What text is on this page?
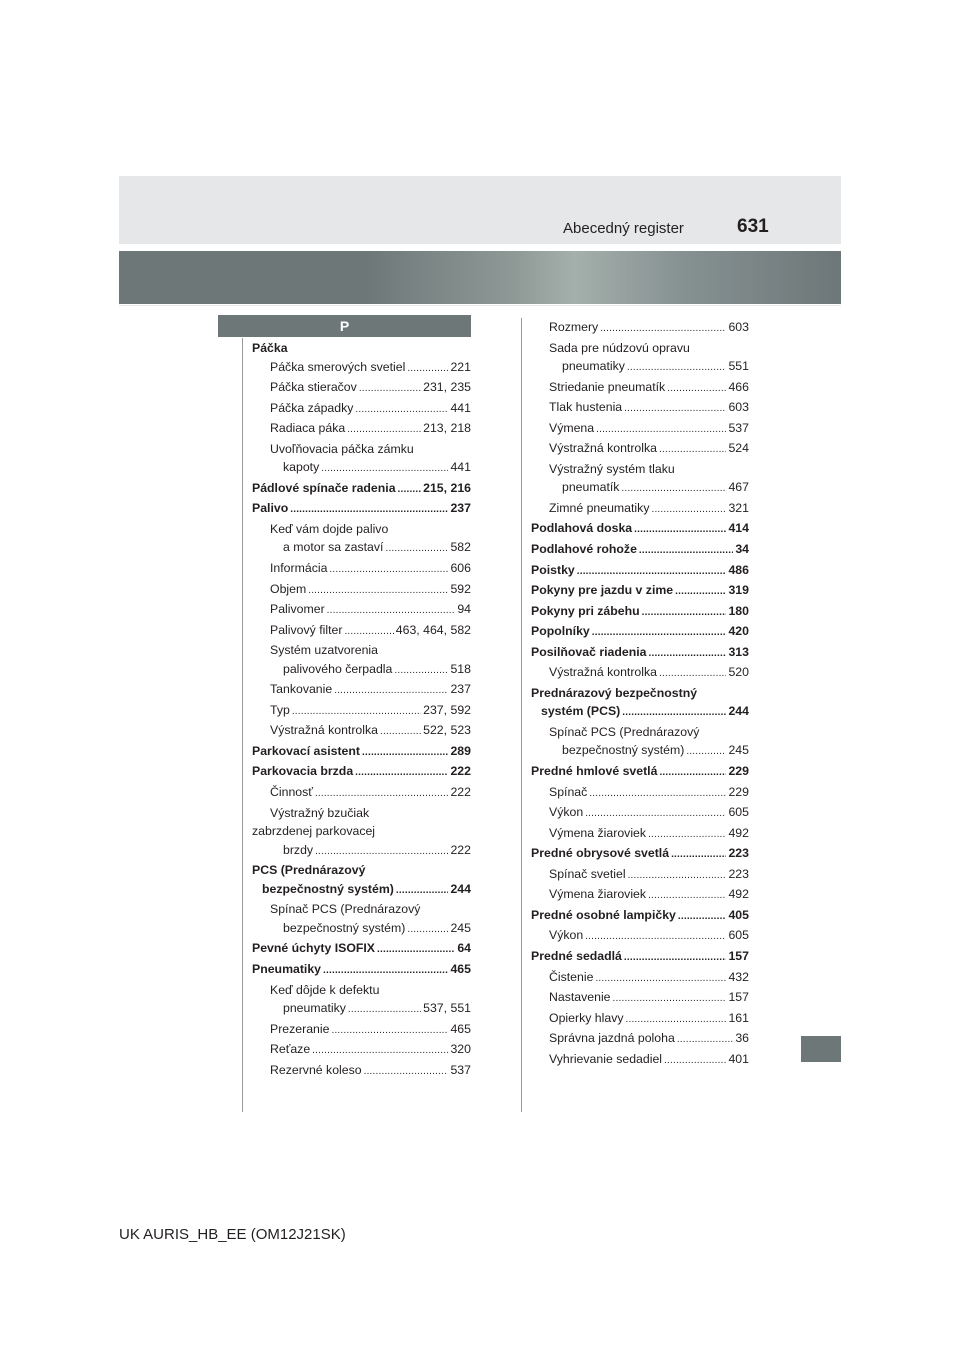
Abecedný register	631
P
Páčka
Páčka smerových svetiel .....	221
Páčka stieračov .....	231, 235
Páčka západky .....	441
Radiaca páka .....	213, 218
Uvoľňovacia páčka zámku
kapoty .....	441
Pádlové spínače radenia ..... 215, 216
Palivo .....	237
Keď vám dojde palivo
a motor sa zastaví .....	582
Informácia .....	606
Objem .....	592
Palivomer .....	94
Palivový filter .....	463, 464, 582
Systém uzatvorenia
palivového čerpadla .....	518
Tankovanie .....	237
Typ .....	237, 592
Výstražná kontrolka .....	522, 523
Parkovací asistent .....	289
Parkovacia brzda .....	222
Činnosť .....	222
Výstražný bzučiak
zabrzdenej parkovacej
brzdy .....	222
PCS (Prednárazový
bezpečnostný systém) .....	244
Spínač PCS (Prednárazový
bezpečnostný systém) .....	245
Pevné úchyty ISOFIX .....	64
Pneumatiky .....	465
Keď dôjde k defektu
pneumatiky .....	537, 551
Prezeranie .....	465
Reťaze .....	320
Rezervné koleso .....	537
Rozmery .....	603
Sada pre núdzovú opravu
pneumatiky .....	551
Striedanie pneumatík .....	466
Tlak hustenia .....	603
Výmena .....	537
Výstražná kontrolka .....	524
Výstražný systém tlaku
pneumatík .....	467
Zimné pneumatiky .....	321
Podlahová doska .....	414
Podlahové rohože .....	34
Poistky .....	486
Pokyny pre jazdu v zime .....	319
Pokyny pri zábehu .....	180
Popolníky .....	420
Posilňovač riadenia .....	313
Výstražná kontrolka .....	520
Prednárazový bezpečnostný
systém (PCS) .....	244
Spínač PCS (Prednárazový
bezpečnostný systém) .....	245
Predné hmlové svetlá .....	229
Spínač .....	229
Výkon .....	605
Výmena žiaroviek .....	492
Predné obrysové svetlá .....	223
Spínač svetiel .....	223
Výmena žiaroviek .....	492
Predné osobné lampičky .....	405
Výkon .....	605
Predné sedadlá .....	157
Čistenie .....	432
Nastavenie .....	157
Opierky hlavy .....	161
Správna jazdná poloha .....	36
Vyhrievanie sedadiel .....	401
UK AURIS_HB_EE (OM12J21SK)
